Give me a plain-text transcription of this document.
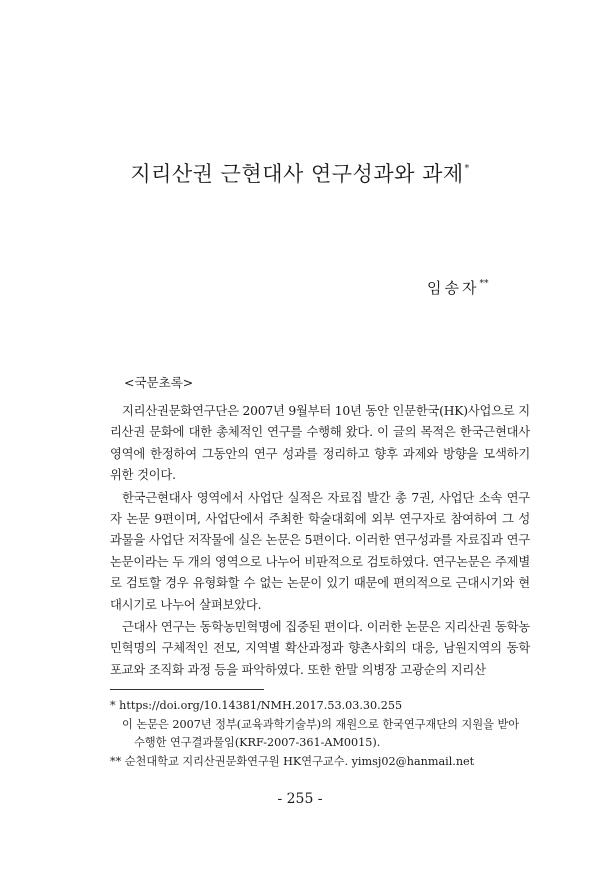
지리산권 근현대사 연구성과와 과제*
임송자**
<국문초록>

지리산권문화연구단은 2007년 9월부터 10년 동안 인문한국(HK)사업으로 지리산권 문화에 대한 총체적인 연구를 수행해 왔다. 이 글의 목적은 한국근현대사 영역에 한정하여 그동안의 연구 성과를 정리하고 향후 과제와 방향을 모색하기 위한 것이다.

한국근현대사 영역에서 사업단 실적은 자료집 발간 총 7권, 사업단 소속 연구자 논문 9편이며, 사업단에서 주최한 학술대회에 외부 연구자로 참여하여 그 성과물을 사업단 저작물에 실은 논문은 5편이다. 이러한 연구성과를 자료집과 연구논문이라는 두 개의 영역으로 나누어 비판적으로 검토하였다. 연구논문은 주제별로 검토할 경우 유형화할 수 없는 논문이 있기 때문에 편의적으로 근대시기와 현대시기로 나누어 살펴보았다.

근대사 연구는 동학농민혁명에 집중된 편이다. 이러한 논문은 지리산권 동학농민혁명의 구체적인 전모, 지역별 확산과정과 향촌사회의 대응, 남원지역의 동학 포교와 조직화 과정 등을 파악하였다. 또한 한말 의병장 고광순의 지리산

* https://doi.org/10.14381/NMH.2017.53.03.30.255

이 논문은 2007년 정부(교육과학기술부)의 재원으로 한국연구재단의 지원을 받아 수행한 연구결과물임(KRF-2007-361-AM0015).

** 순천대학교 지리산권문화연구원 HK연구교수. yimsj02@hanmail.net

- 255 -
